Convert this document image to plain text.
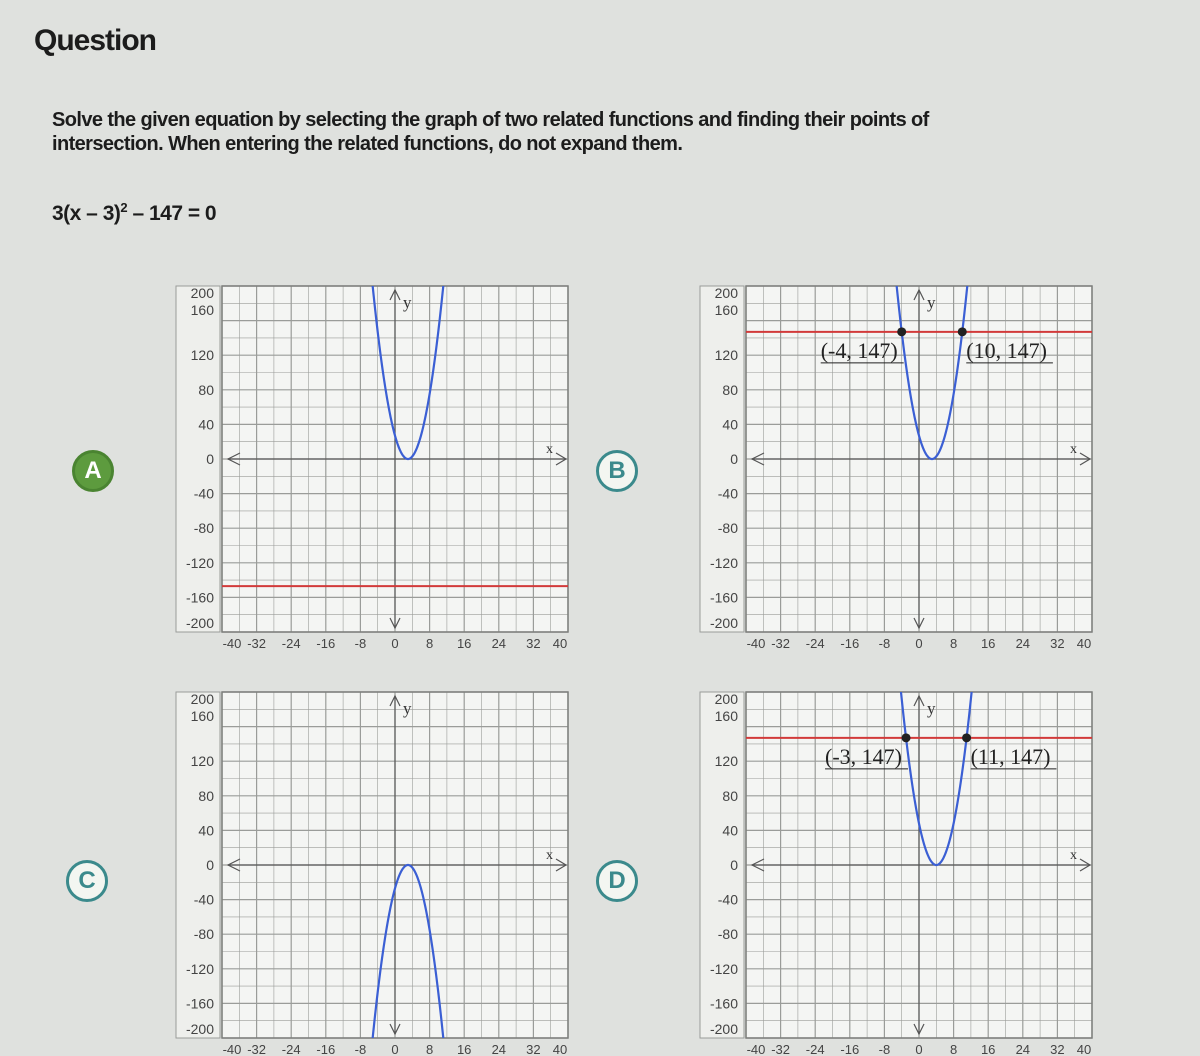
Question
Solve the given equation by selecting the graph of two related functions and finding their points of
intersection. When entering the related functions, do not expand them.
3(x – 3)$^2$ – 147 = 0
A
y
x
200
160
120
80
40
0
-40
-80
-120
-160
-200
-40 -32 -24 -16 -8 0 8 16 24 32 40
B
y
x
200
160
120
80
40
0
-40
-80
-120
-160
-200
-40 -32 -24 -16 -8 0 8 16 24 32 40
(-4, 147)	(10, 147)
C
y
x
200
160
120
80
40
0
-40
-80
-120
-160
-200
-40 -32 -24 -16 -8 0 8 16 24 32 40
D
y
x
200
160
120
80
40
0
-40
-80
-120
-160
-200
-40 -32 -24 -16 -8 0 8 16 24 32 40
(-3, 147)	(11, 147)
